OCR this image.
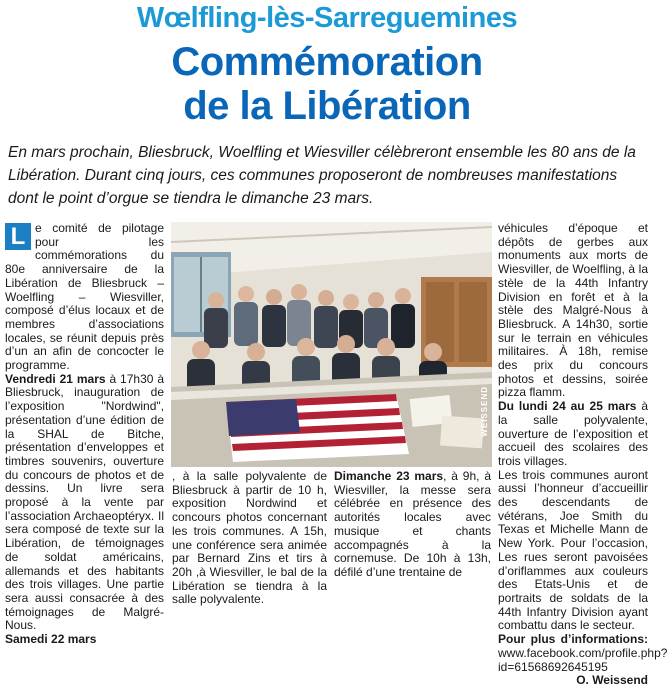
Wœlfling-lès-Sarreguemines
Commémoration
de la Libération
En mars prochain, Bliesbruck, Woelfling et Wiesviller célèbreront ensemble les 80 ans de la Libération. Durant cinq jours, ces communes proposeront de nombreuses manifestations dont le point d’orgue se tiendra le dimanche 23 mars.

L e comité de pilotage pour les commémorations du 80e anniversaire de la Libération de Bliesbruck – Woelfling – Wiesviller, composé d’élus locaux et de membres d’associations locales, se réunit depuis près d’un an afin de concocter le programme.

Vendredi 21 mars à 17h30 à Bliesbruck, inauguration de l’exposition "Nordwind", présentation d’une édition de la SHAL de Bitche, présentation d’enveloppes et timbres souvenirs, ouverture du concours de photos et de dessins. Un livre sera proposé à la vente par l’association Archaeoptéryx. Il sera composé de texte sur la Libération, de témoignages de soldat américains, allemands et des habitants des trois villages. Une partie sera aussi consacrée à des témoignages de Malgré-Nous.

Samedi 22 mars

WEISSEND

, à la salle polyvalente de Bliesbruck à partir de 10 h, exposition Nordwind et concours photos concernant les trois communes. A 15h, une conférence sera animée par Bernard Zins et tirs à 20h ,à Wiesviller, le bal de la Libération se tiendra à la salle polyvalente.

Dimanche 23 mars, à 9h, à Wiesviller, la messe sera célébrée en présence des autorités locales avec musique et chants accompagnés à la cornemuse. De 10h à 13h, défilé d’une trentaine de

véhicules d’époque et dépôts de gerbes aux monuments aux morts de Wiesviller, de Woelfling, à la stèle de la 44th Infantry Division en forêt et à la stèle des Malgré-Nous à Bliesbruck. A 14h30, sortie sur le terrain en véhicules militaires. À 18h, remise des prix du concours photos et dessins, soirée pizza flamm.

Du lundi 24 au 25 mars à la salle polyvalente, ouverture de l’exposition et accueil des scolaires des trois villages.

Les trois communes auront aussi l’honneur d’accueillir des descendants de vétérans, Joe Smith du Texas et Michelle Mann de New York. Pour l’occasion, Les rues seront pavoisées d’oriflammes aux couleurs des Etats-Unis et de portraits de soldats de la 44th Infantry Division ayant combattu dans le secteur.

Pour plus d’informations: www.facebook.com/profile.php?id=61568692645195

O. Weissend
